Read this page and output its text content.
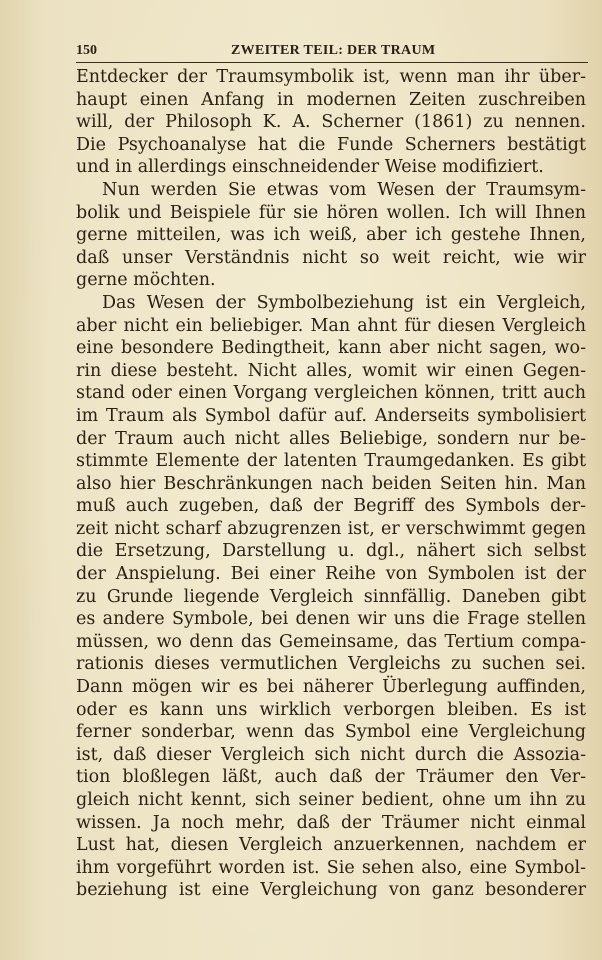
150	ZWEITER TEIL: DER TRAUM
Entdecker der Traumsymbolik ist, wenn man ihr über-
haupt einen Anfang in modernen Zeiten zuschreiben
will, der Philosoph K. A. Scherner (1861) zu nennen.
Die Psychoanalyse hat die Funde Scherners bestätigt
und in allerdings einschneidender Weise modifiziert.
Nun werden Sie etwas vom Wesen der Traumsym-
bolik und Beispiele für sie hören wollen. Ich will Ihnen
gerne mitteilen, was ich weiß, aber ich gestehe Ihnen,
daß unser Verständnis nicht so weit reicht, wie wir
gerne möchten.
Das Wesen der Symbolbeziehung ist ein Vergleich,
aber nicht ein beliebiger. Man ahnt für diesen Vergleich
eine besondere Bedingtheit, kann aber nicht sagen, wo-
rin diese besteht. Nicht alles, womit wir einen Gegen-
stand oder einen Vorgang vergleichen können, tritt auch
im Traum als Symbol dafür auf. Anderseits symbolisiert
der Traum auch nicht alles Beliebige, sondern nur be-
stimmte Elemente der latenten Traumgedanken. Es gibt
also hier Beschränkungen nach beiden Seiten hin. Man
muß auch zugeben, daß der Begriff des Symbols der-
zeit nicht scharf abzugrenzen ist, er verschwimmt gegen
die Ersetzung, Darstellung u. dgl., nähert sich selbst
der Anspielung. Bei einer Reihe von Symbolen ist der
zu Grunde liegende Vergleich sinnfällig. Daneben gibt
es andere Symbole, bei denen wir uns die Frage stellen
müssen, wo denn das Gemeinsame, das Tertium compa-
rationis dieses vermutlichen Vergleichs zu suchen sei.
Dann mögen wir es bei näherer Überlegung auffinden,
oder es kann uns wirklich verborgen bleiben. Es ist
ferner sonderbar, wenn das Symbol eine Vergleichung
ist, daß dieser Vergleich sich nicht durch die Assozia-
tion bloßlegen läßt, auch daß der Träumer den Ver-
gleich nicht kennt, sich seiner bedient, ohne um ihn zu
wissen. Ja noch mehr, daß der Träumer nicht einmal
Lust hat, diesen Vergleich anzuerkennen, nachdem er
ihm vorgeführt worden ist. Sie sehen also, eine Symbol-
beziehung ist eine Vergleichung von ganz besonderer
